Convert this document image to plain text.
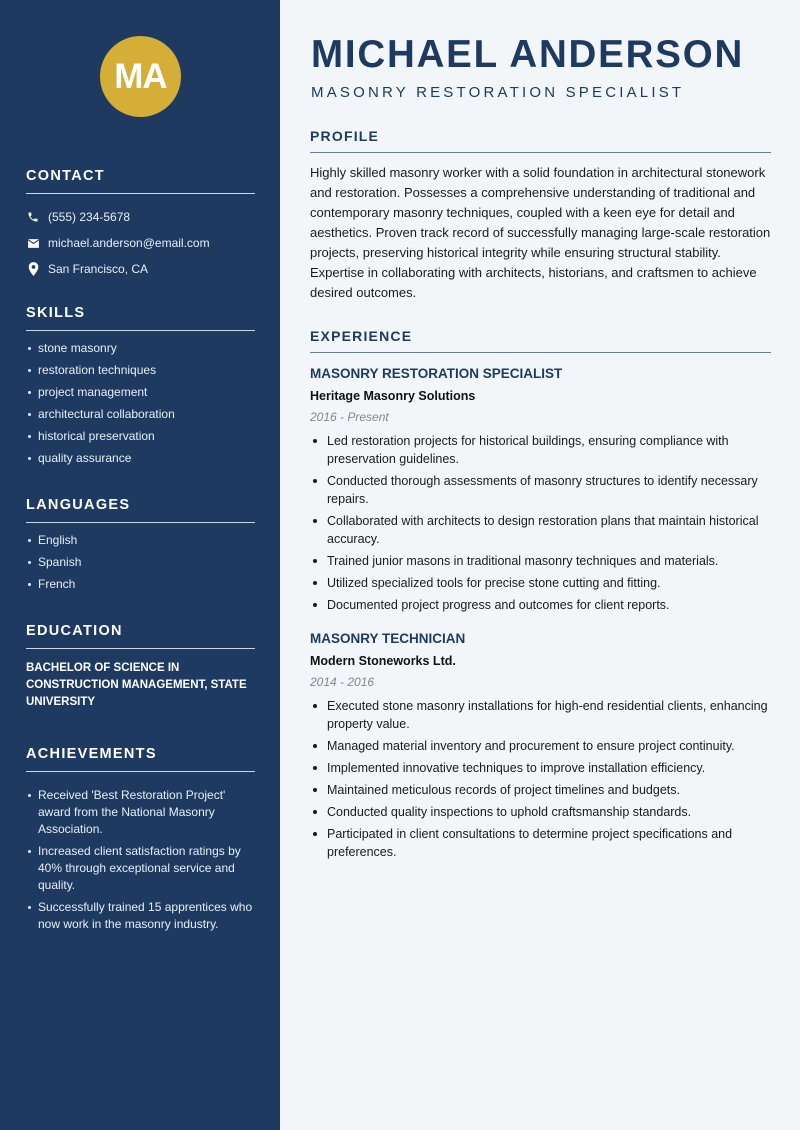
MA
CONTACT
(555) 234-5678
michael.anderson@email.com
San Francisco, CA
SKILLS
stone masonry
restoration techniques
project management
architectural collaboration
historical preservation
quality assurance
LANGUAGES
English
Spanish
French
EDUCATION
BACHELOR OF SCIENCE IN CONSTRUCTION MANAGEMENT, STATE UNIVERSITY
ACHIEVEMENTS
Received 'Best Restoration Project' award from the National Masonry Association.
Increased client satisfaction ratings by 40% through exceptional service and quality.
Successfully trained 15 apprentices who now work in the masonry industry.
MICHAEL ANDERSON
MASONRY RESTORATION SPECIALIST
PROFILE

Highly skilled masonry worker with a solid foundation in architectural stonework and restoration. Possesses a comprehensive understanding of traditional and contemporary masonry techniques, coupled with a keen eye for detail and aesthetics. Proven track record of successfully managing large-scale restoration projects, preserving historical integrity while ensuring structural stability. Expertise in collaborating with architects, historians, and craftsmen to achieve desired outcomes.

EXPERIENCE
MASONRY RESTORATION SPECIALIST
Heritage Masonry Solutions
2016 - Present
Led restoration projects for historical buildings, ensuring compliance with preservation guidelines.
Conducted thorough assessments of masonry structures to identify necessary repairs.
Collaborated with architects to design restoration plans that maintain historical accuracy.
Trained junior masons in traditional masonry techniques and materials.
Utilized specialized tools for precise stone cutting and fitting.
Documented project progress and outcomes for client reports.
MASONRY TECHNICIAN
Modern Stoneworks Ltd.
2014 - 2016
Executed stone masonry installations for high-end residential clients, enhancing property value.
Managed material inventory and procurement to ensure project continuity.
Implemented innovative techniques to improve installation efficiency.
Maintained meticulous records of project timelines and budgets.
Conducted quality inspections to uphold craftsmanship standards.
Participated in client consultations to determine project specifications and preferences.
